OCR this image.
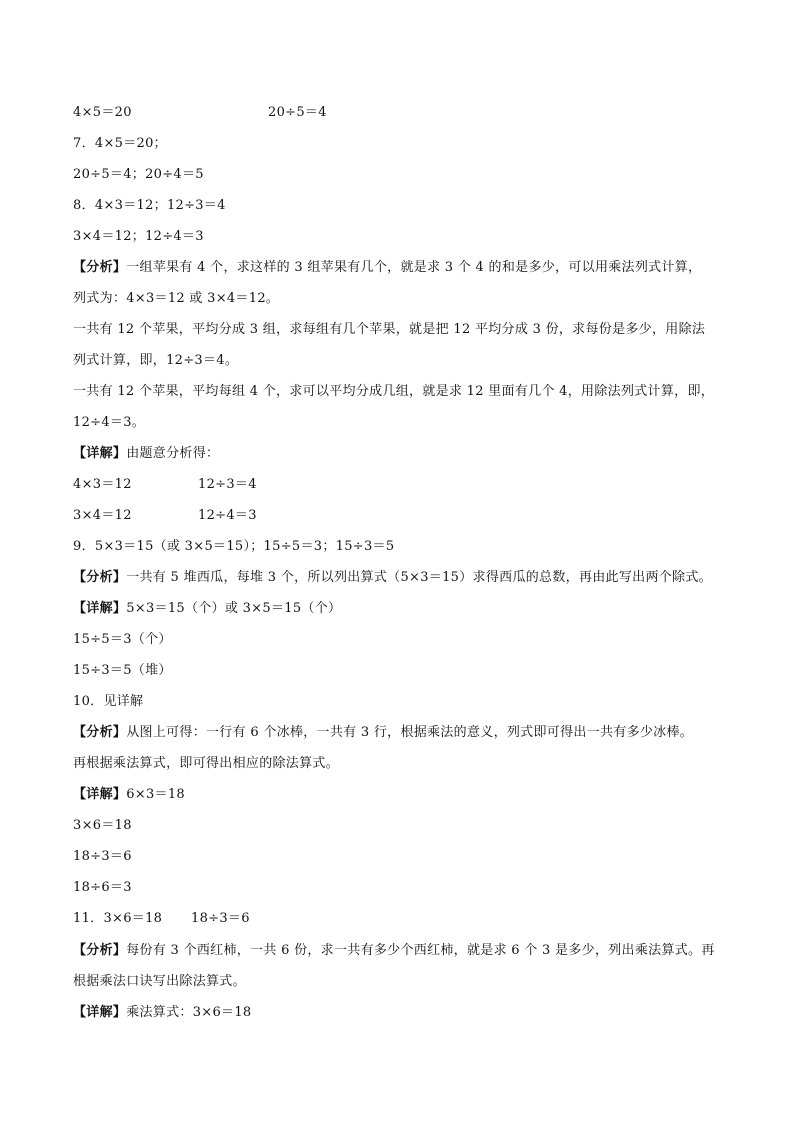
4×5＝20	20÷5＝4
7．4×5＝20；
20÷5＝4；20÷4＝5
8．4×3＝12；12÷3＝4
3×4＝12；12÷4＝3
【分析】一组苹果有 4 个，求这样的 3 组苹果有几个，就是求 3 个 4 的和是多少，可以用乘法列式计算，
列式为：4×3＝12 或 3×4＝12。
一共有 12 个苹果，平均分成 3 组，求每组有几个苹果，就是把 12 平均分成 3 份，求每份是多少，用除法
列式计算，即，12÷3＝4。
一共有 12 个苹果，平均每组 4 个，求可以平均分成几组，就是求 12 里面有几个 4，用除法列式计算，即，
12÷4＝3。
【详解】由题意分析得：
4×3＝12	12÷3＝4
3×4＝12	12÷4＝3
9．5×3＝15（或 3×5＝15）；15÷5＝3；15÷3＝5
【分析】一共有 5 堆西瓜，每堆 3 个，所以列出算式（5×3＝15）求得西瓜的总数，再由此写出两个除式。
【详解】5×3＝15（个）或 3×5＝15（个）
15÷5＝3（个）
15÷3＝5（堆）
10．见详解
【分析】从图上可得：一行有 6 个冰棒，一共有 3 行，根据乘法的意义，列式即可得出一共有多少冰棒。
再根据乘法算式，即可得出相应的除法算式。
【详解】6×3＝18
3×6＝18
18÷3＝6
18÷6＝3
11．3×6＝18 18÷3＝6
【分析】每份有 3 个西红柿，一共 6 份，求一共有多少个西红柿，就是求 6 个 3 是多少，列出乘法算式。再
根据乘法口诀写出除法算式。
【详解】乘法算式：3×6＝18
